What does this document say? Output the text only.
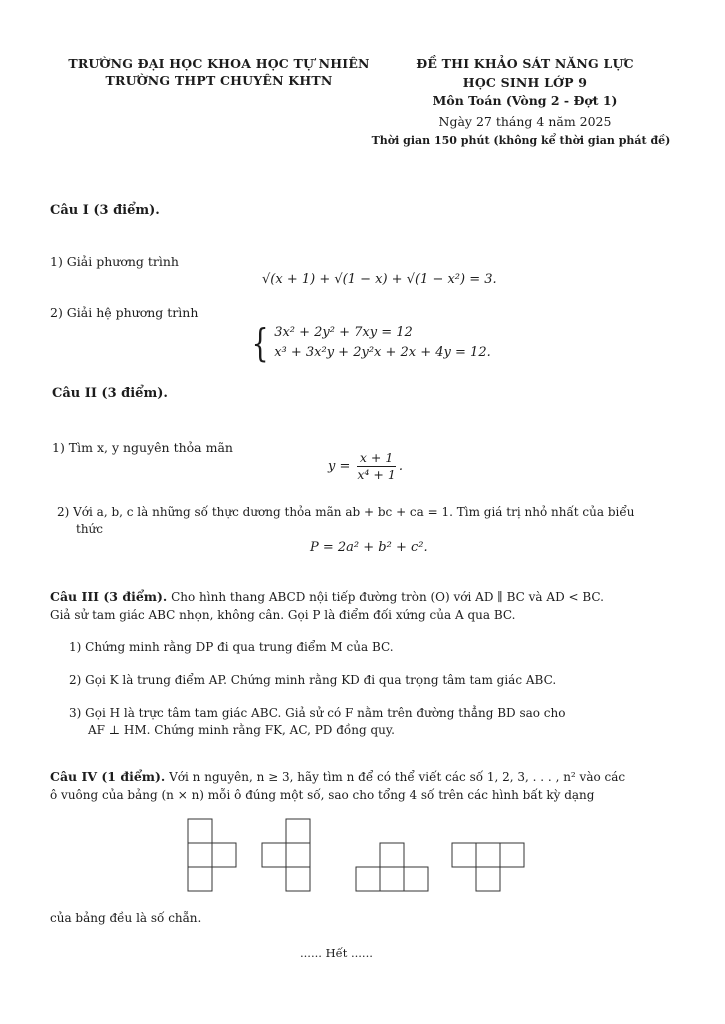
TRƯỜNG ĐẠI HỌC KHOA HỌC TỰ NHIÊN
TRƯỜNG THPT CHUYÊN KHTN
ĐỀ THI KHẢO SÁT NĂNG LỰC
HỌC SINH LỚP 9
Môn Toán (Vòng 2 - Đợt 1)
Ngày 27 tháng 4 năm 2025
Thời gian 150 phút (không kể thời gian phát đề)
Câu I (3 điểm).
1) Giải phương trình
√(x + 1) + √(1 − x) + √(1 − x²) = 3.
2) Giải hệ phương trình
{ 3x² + 2y² + 7xy = 12
x³ + 3x²y + 2y²x + 2x + 4y = 12.
Câu II (3 điểm).
1) Tìm x, y nguyên thỏa mãn
$y = \frac{x + 1}{\text{x⁴ + 1}}$ .
2) Với a, b, c là những số thực dương thỏa mãn ab + bc + ca = 1. Tìm giá trị nhỏ nhất của biểu
thức
P = 2a² + b² + c².
Câu III (3 điểm). Cho hình thang ABCD nội tiếp đường tròn (O) với AD ∥ BC và AD < BC.
Giả sử tam giác ABC nhọn, không cân. Gọi P là điểm đối xứng của A qua BC.
1) Chứng minh rằng DP đi qua trung điểm M của BC.
2) Gọi K là trung điểm AP. Chứng minh rằng KD đi qua trọng tâm tam giác ABC.
3) Gọi H là trực tâm tam giác ABC. Giả sử có F nằm trên đường thẳng BD sao cho
AF ⊥ HM. Chứng minh rằng FK, AC, PD đồng quy.
Câu IV (1 điểm). Với n nguyên, n ≥ 3, hãy tìm n để có thể viết các số 1, 2, 3, . . . , n² vào các
ô vuông của bảng (n × n) mỗi ô đúng một số, sao cho tổng 4 số trên các hình bất kỳ dạng
của bảng đều là số chẵn.
...... Hết ......
